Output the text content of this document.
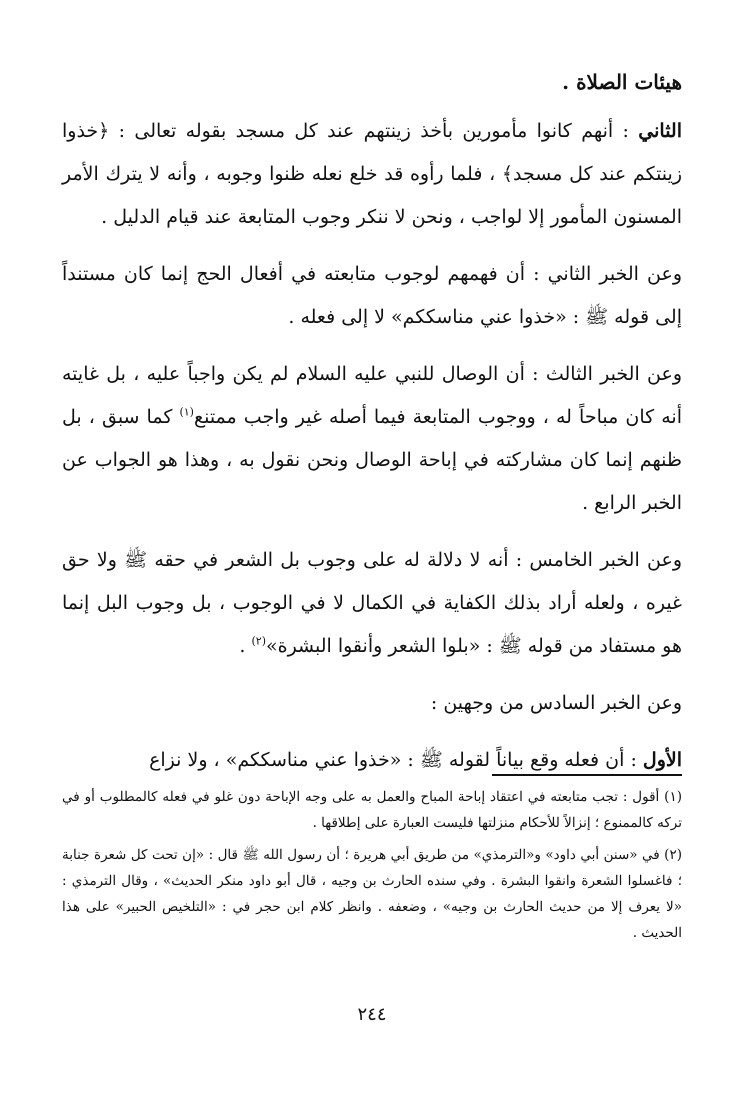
هيئات الصلاة .

الثاني : أنهم كانوا مأمورين بأخذ زينتهم عند كل مسجد بقوله تعالى : ﴿خذوا زينتكم عند كل مسجد﴾ ، فلما رأوه قد خلع نعله ظنوا وجوبه ، وأنه لا يترك الأمر المسنون المأمور إلا لواجب ، ونحن لا ننكر وجوب المتابعة عند قيام الدليل .

وعن الخبر الثاني : أن فهمهم لوجوب متابعته في أفعال الحج إنما كان مستنداً إلى قوله ﷺ : «خذوا عني مناسككم» لا إلى فعله .

وعن الخبر الثالث : أن الوصال للنبي عليه السلام لم يكن واجباً عليه ، بل غايته أنه كان مباحاً له ، ووجوب المتابعة فيما أصله غير واجب ممتنع$^{(١)}$ كما سبق ، بل ظنهم إنما كان مشاركته في إباحة الوصال ونحن نقول به ، وهذا هو الجواب عن الخبر الرابع .

وعن الخبر الخامس : أنه لا دلالة له على وجوب بل الشعر في حقه ﷺ ولا حق غيره ، ولعله أراد بذلك الكفاية في الكمال لا في الوجوب ، بل وجوب البل إنما هو مستفاد من قوله ﷺ : «بلوا الشعر وأنقوا البشرة»$^{(٢)}$ .

وعن الخبر السادس من وجهين :

الأول : أن فعله وقع بياناً لقوله ﷺ : «خذوا عني مناسككم» ، ولا نزاع

(١) أقول : تجب متابعته في اعتقاد إباحة المباح والعمل به على وجه الإباحة دون غلو في فعله كالمطلوب أو في تركه كالممنوع ؛ إنزالاً للأحكام منزلتها فليست العبارة على إطلاقها .

(٢) في «سنن أبي داود» و«الترمذي» من طريق أبي هريرة ؛ أن رسول الله ﷺ قال : «إن تحت كل شعرة جنابة ؛ فاغسلوا الشعرة وانقوا البشرة . وفي سنده الحارث بن وجيه ، قال أبو داود منكر الحديث» ، وقال الترمذي : «لا يعرف إلا من حديث الحارث بن وجيه» ، وضعفه . وانظر كلام ابن حجر في : «التلخيص الحبير» على هذا الحديث .

٢٤٤
